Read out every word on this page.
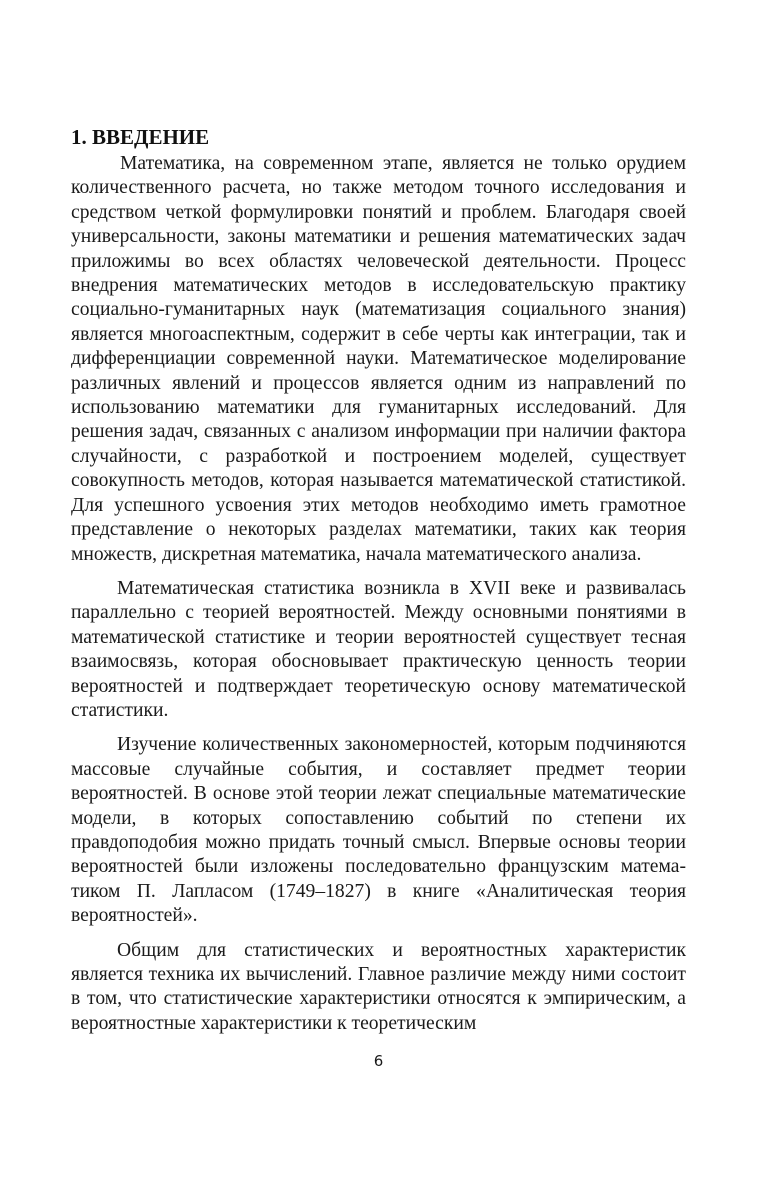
1. ВВЕДЕНИЕ

Математика, на современном этапе, является не только орудием количественного расчета, но также методом точного исследования и средством четкой формулировки понятий и проблем. Благодаря своей универсальности, законы математики и решения математических задач приложимы во всех областях человеческой деятельности. Процесс внедрения математических методов в исследовательскую практику социально-гуманитарных наук (математизация социального знания) является многоаспектным, содержит в себе черты как интеграции, так и дифференциации современной науки. Математическое моделирование различных явлений и процессов является одним из направлений по использованию математики для гуманитарных исследований. Для решения задач, связанных с анализом информации при наличии фактора случайности, с разработкой и построением моделей, существует совокупность методов, которая называется математической статистикой. Для успешного усвоения этих методов необходимо иметь грамотное представление о некоторых разделах математики, таких как теория множеств, дискретная математика, начала математического анализа.

Математическая статистика возникла в XVII веке и развивалась параллельно с теорией вероятностей. Между основными понятиями в математической статистике и теории вероятностей существует тесная взаимосвязь, которая обосновывает практическую ценность теории вероятностей и подтверждает теоретическую основу математической статистики.

Изучение количественных закономерностей, которым подчиняются массовые случайные события, и составляет предмет теории вероятностей. В основе этой теории лежат специальные математические модели, в которых сопоставлению событий по степени их правдоподобия можно придать точный смысл. Впервые основы теории вероятностей были изложены последовательно французским математиком П. Лапласом (1749–1827) в книге «Аналитическая теория вероятностей».

Общим для статистических и вероятностных характеристик является техника их вычислений. Главное различие между ними состоит в том, что статистические характеристики относятся к эмпирическим, а вероятностные характеристики к теоретическим

6
